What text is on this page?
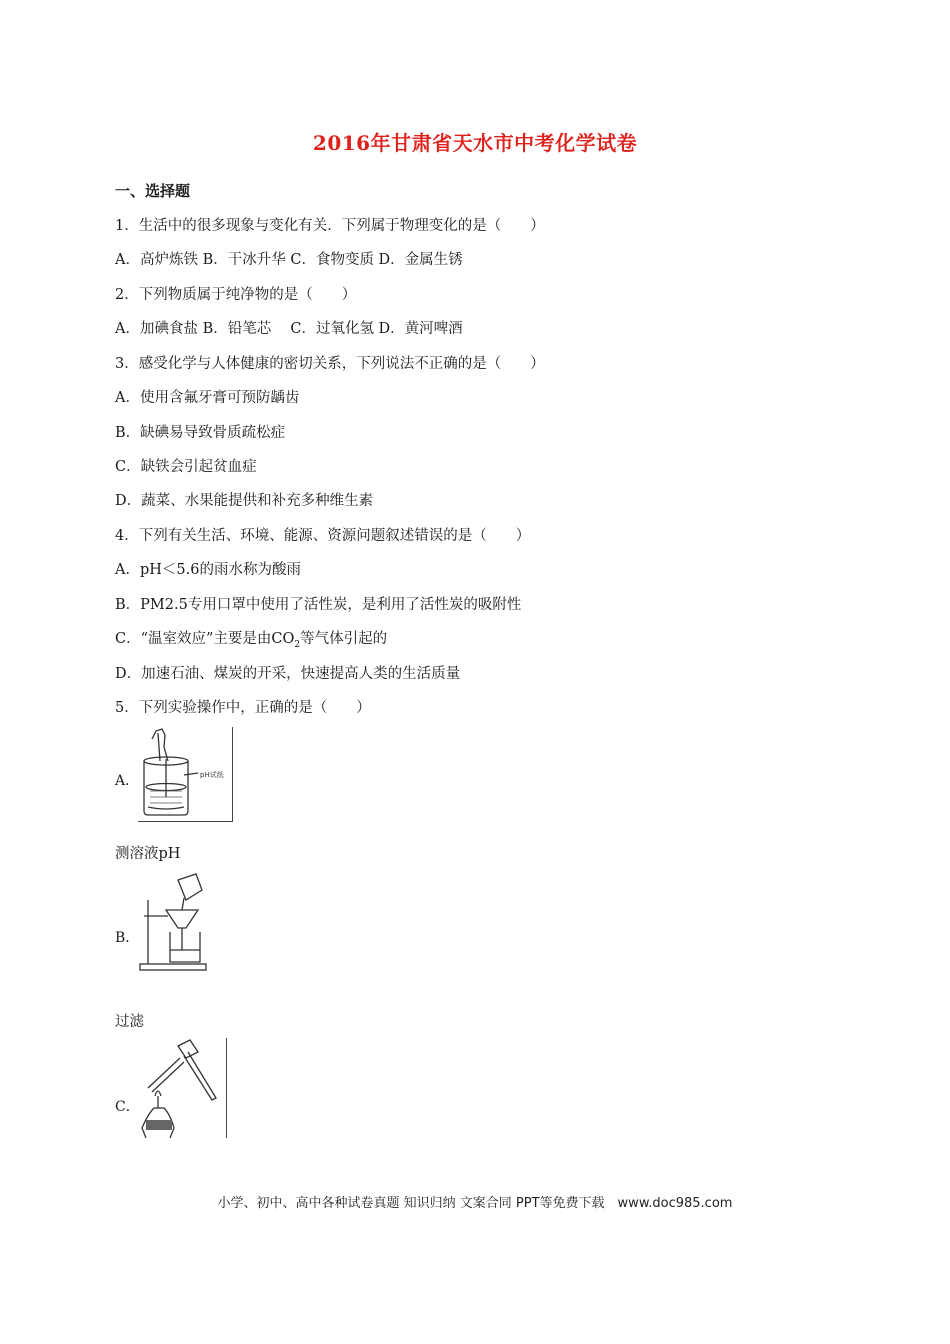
2016年甘肃省天水市中考化学试卷
一、选择题
1．生活中的很多现象与变化有关．下列属于物理变化的是（　　）
A．高炉炼铁 B．干冰升华 C．食物变质 D．金属生锈
2．下列物质属于纯净物的是（　　）
A．加碘食盐 B．铅笔芯　 C．过氧化氢 D．黄河啤酒
3．感受化学与人体健康的密切关系，下列说法不正确的是（　　）
A．使用含氟牙膏可预防龋齿
B．缺碘易导致骨质疏松症
C．缺铁会引起贫血症
D．蔬菜、水果能提供和补充多种维生素
4．下列有关生活、环境、能源、资源问题叙述错误的是（　　）
A．pH＜5.6的雨水称为酸雨
B．PM2.5专用口罩中使用了活性炭，是利用了活性炭的吸附性
C．“温室效应”主要是由$CO_2$等气体引起的
D．加速石油、煤炭的开采，快速提高人类的生活质量
5．下列实验操作中，正确的是（　　）
A．	pH试纸
测溶液pH
B．
过滤
C．
小学、初中、高中各种试卷真题 知识归纳 文案合同 PPT等免费下载　www.doc985.com
